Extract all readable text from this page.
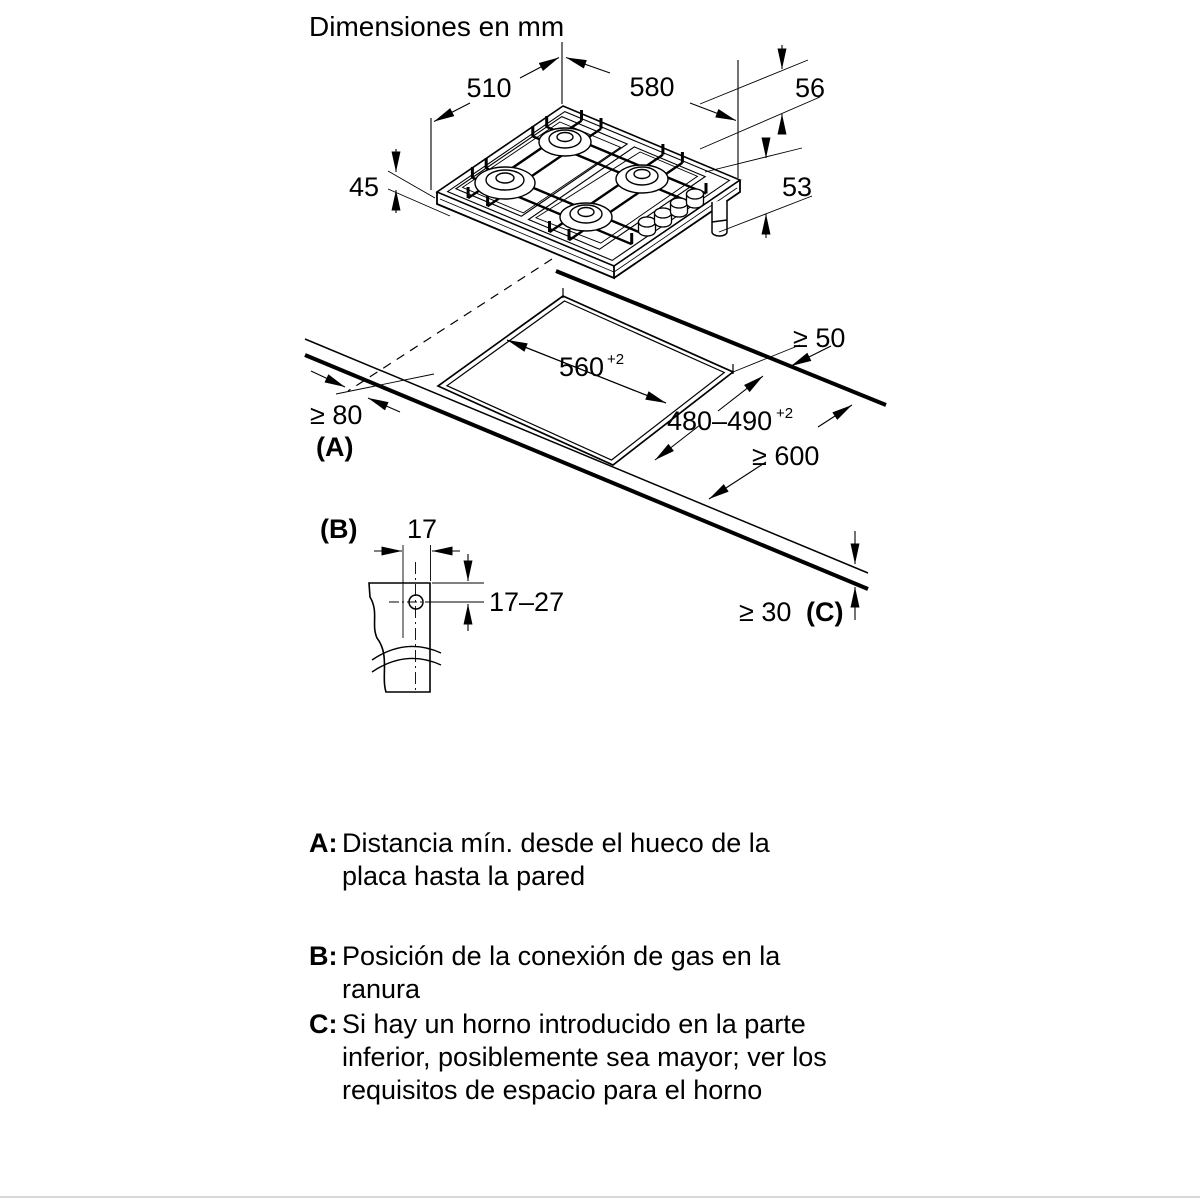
Dimensiones en mm
510	580	56
53
45
560 +2
480–490 +2
≥ 50
≥ 80
(A)	≥ 600
≥ 30 (C)
(B) 17
17–27
A: Distancia mín. desde el hueco de la
placa hasta la pared
B: Posición de la conexión de gas en la
ranura
C: Si hay un horno introducido en la parte
inferior, posiblemente sea mayor; ver los
requisitos de espacio para el horno
